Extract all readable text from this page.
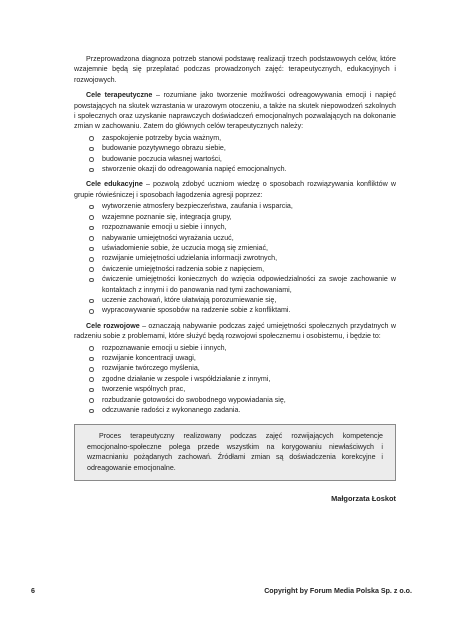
Przeprowadzona diagnoza potrzeb stanowi podstawę realizacji trzech podstawowych celów, które wzajemnie będą się przeplatać podczas prowadzonych zajęć: terapeutycznych, edukacyjnych i rozwojowych.

Cele terapeutyczne – rozumiane jako tworzenie możliwości odreagowywania emocji i napięć powstających na skutek wzrastania w urazowym otoczeniu, a także na skutek niepowodzeń szkolnych i społecznych oraz uzyskanie naprawczych doświadczeń emocjonalnych pozwalających na dokonanie zmian w zachowaniu. Zatem do głównych celów terapeutycznych należy:

zaspokojenie potrzeby bycia ważnym,
budowanie pozytywnego obrazu siebie,
budowanie poczucia własnej wartości,
stworzenie okazji do odreagowania napięć emocjonalnych.

Cele edukacyjne – pozwolą zdobyć uczniom wiedzę o sposobach rozwiązywania konfliktów w grupie rówieśniczej i sposobach łagodzenia agresji poprzez:

wytworzenie atmosfery bezpieczeństwa, zaufania i wsparcia,
wzajemne poznanie się, integracja grupy,
rozpoznawanie emocji u siebie i innych,
nabywanie umiejętności wyrażania uczuć,
uświadomienie sobie, że uczucia mogą się zmieniać,
rozwijanie umiejętności udzielania informacji zwrotnych,
ćwiczenie umiejętności radzenia sobie z napięciem,
ćwiczenie umiejętności koniecznych do wzięcia odpowiedzialności za swoje zachowanie w kontaktach z innymi i do panowania nad tymi zachowaniami,
uczenie zachowań, które ułatwiają porozumiewanie się,
wypracowywanie sposobów na radzenie sobie z konfliktami.

Cele rozwojowe – oznaczają nabywanie podczas zajęć umiejętności społecznych przydatnych w radzeniu sobie z problemami, które służyć będą rozwojowi społecznemu i osobistemu, i będzie to:

rozpoznawanie emocji u siebie i innych,
rozwijanie koncentracji uwagi,
rozwijanie twórczego myślenia,
zgodne działanie w zespole i współdziałanie z innymi,
tworzenie wspólnych prac,
rozbudzanie gotowości do swobodnego wypowiadania się,
odczuwanie radości z wykonanego zadania.

Proces terapeutyczny realizowany podczas zajęć rozwijających kompetencje emocjonalno-społeczne polega przede wszystkim na korygowaniu niewłaściwych i wzmacnianiu pożądanych zachowań. Źródłami zmian są doświadczenia korekcyjne i odreagowanie emocjonalne.

Małgorzata Łoskot

6	Copyright by Forum Media Polska Sp. z o.o.
